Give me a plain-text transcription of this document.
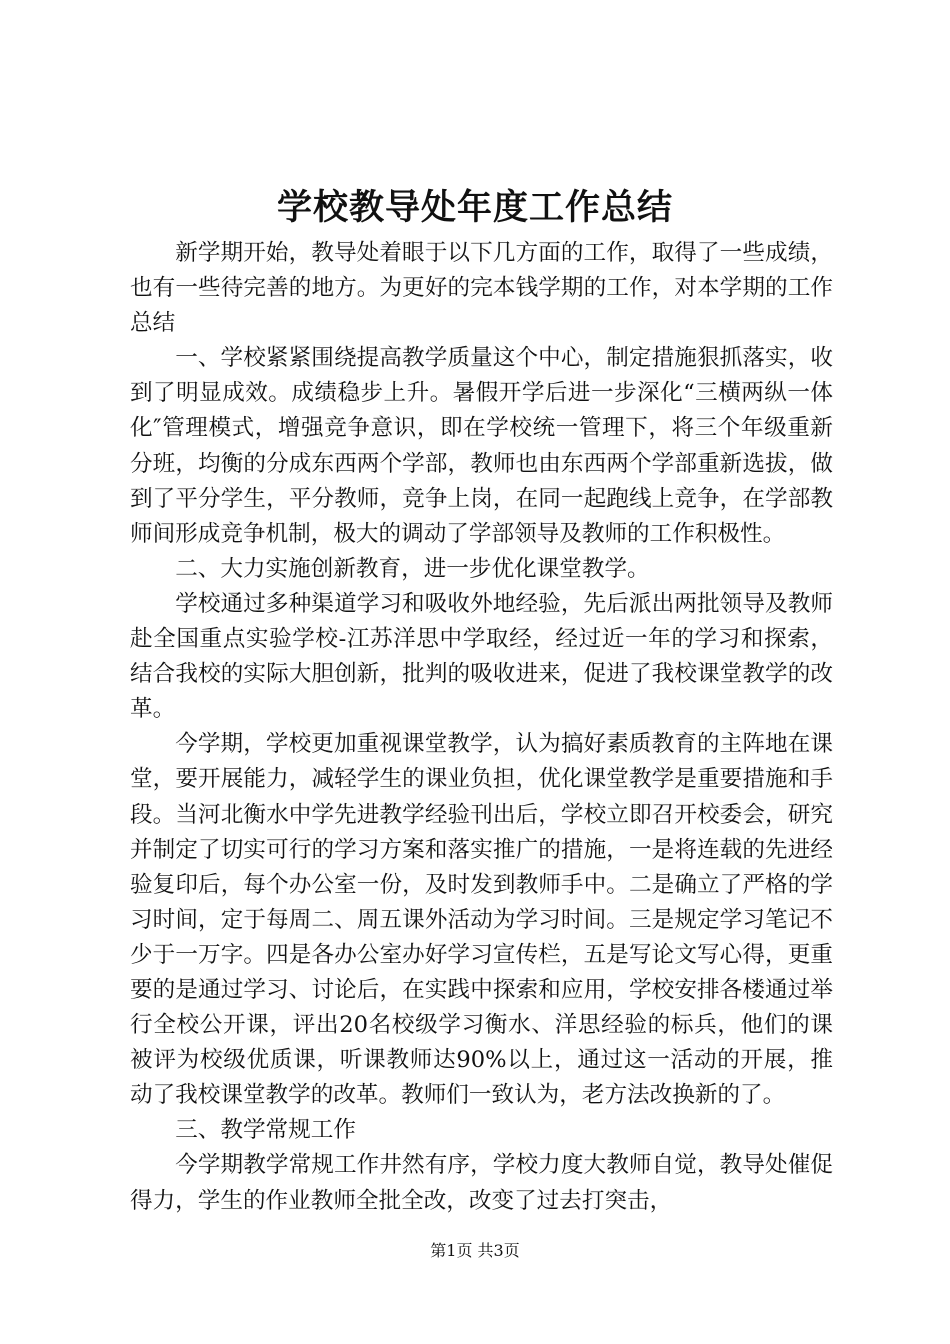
学校教导处年度工作总结

新学期开始，教导处着眼于以下几方面的工作，取得了一些成绩，也有一些待完善的地方。为更好的完本钱学期的工作，对本学期的工作总结

一、学校紧紧围绕提高教学质量这个中心，制定措施狠抓落实，收到了明显成效。成绩稳步上升。暑假开学后进一步深化“三横两纵一体化″管理模式，增强竞争意识，即在学校统一管理下，将三个年级重新分班，均衡的分成东西两个学部，教师也由东西两个学部重新选拔，做到了平分学生，平分教师，竞争上岗，在同一起跑线上竞争，在学部教师间形成竞争机制，极大的调动了学部领导及教师的工作积极性。

二、大力实施创新教育，进一步优化课堂教学。

学校通过多种渠道学习和吸收外地经验，先后派出两批领导及教师赴全国重点实验学校-江苏洋思中学取经，经过近一年的学习和探索，结合我校的实际大胆创新，批判的吸收进来，促进了我校课堂教学的改革。

今学期，学校更加重视课堂教学，认为搞好素质教育的主阵地在课堂，要开展能力，减轻学生的课业负担，优化课堂教学是重要措施和手段。当河北衡水中学先进教学经验刊出后，学校立即召开校委会，研究并制定了切实可行的学习方案和落实推广的措施，一是将连载的先进经验复印后，每个办公室一份，及时发到教师手中。二是确立了严格的学习时间，定于每周二、周五课外活动为学习时间。三是规定学习笔记不少于一万字。四是各办公室办好学习宣传栏，五是写论文写心得，更重要的是通过学习、讨论后，在实践中探索和应用，学校安排各楼通过举行全校公开课，评出20名校级学习衡水、洋思经验的标兵，他们的课被评为校级优质课，听课教师达90%以上，通过这一活动的开展，推动了我校课堂教学的改革。教师们一致认为，老方法改换新的了。

三、教学常规工作

今学期教学常规工作井然有序，学校力度大教师自觉，教导处催促得力，学生的作业教师全批全改，改变了过去打突击，

第1页 共3页
